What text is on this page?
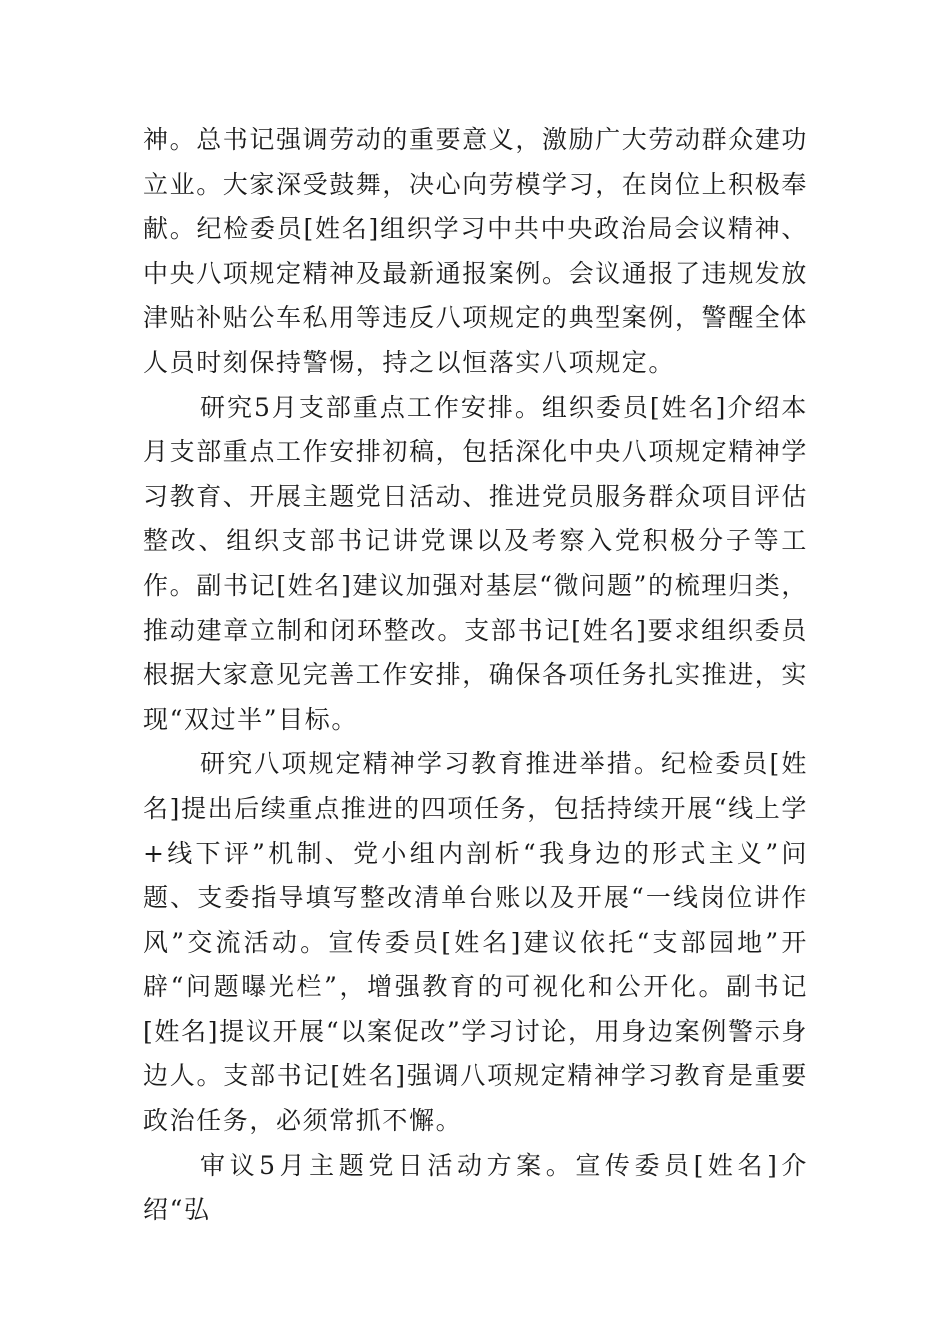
神。总书记强调劳动的重要意义，激励广大劳动群众建功立业。大家深受鼓舞，决心向劳模学习，在岗位上积极奉献。纪检委员[姓名]组织学习中共中央政治局会议精神、中央八项规定精神及最新通报案例。会议通报了违规发放津贴补贴公车私用等违反八项规定的典型案例，警醒全体人员时刻保持警惕，持之以恒落实八项规定。

研究5月支部重点工作安排。组织委员[姓名]介绍本月支部重点工作安排初稿，包括深化中央八项规定精神学习教育、开展主题党日活动、推进党员服务群众项目评估整改、组织支部书记讲党课以及考察入党积极分子等工作。副书记[姓名]建议加强对基层“微问题”的梳理归类，推动建章立制和闭环整改。支部书记[姓名]要求组织委员根据大家意见完善工作安排，确保各项任务扎实推进，实现“双过半”目标。

研究八项规定精神学习教育推进举措。纪检委员[姓名]提出后续重点推进的四项任务，包括持续开展“线上学+线下评”机制、党小组内剖析“我身边的形式主义”问题、支委指导填写整改清单台账以及开展“一线岗位讲作风”交流活动。宣传委员[姓名]建议依托“支部园地”开辟“问题曝光栏”，增强教育的可视化和公开化。副书记[姓名]提议开展“以案促改”学习讨论，用身边案例警示身边人。支部书记[姓名]强调八项规定精神学习教育是重要政治任务，必须常抓不懈。

审议5月主题党日活动方案。宣传委员[姓名]介绍“弘
